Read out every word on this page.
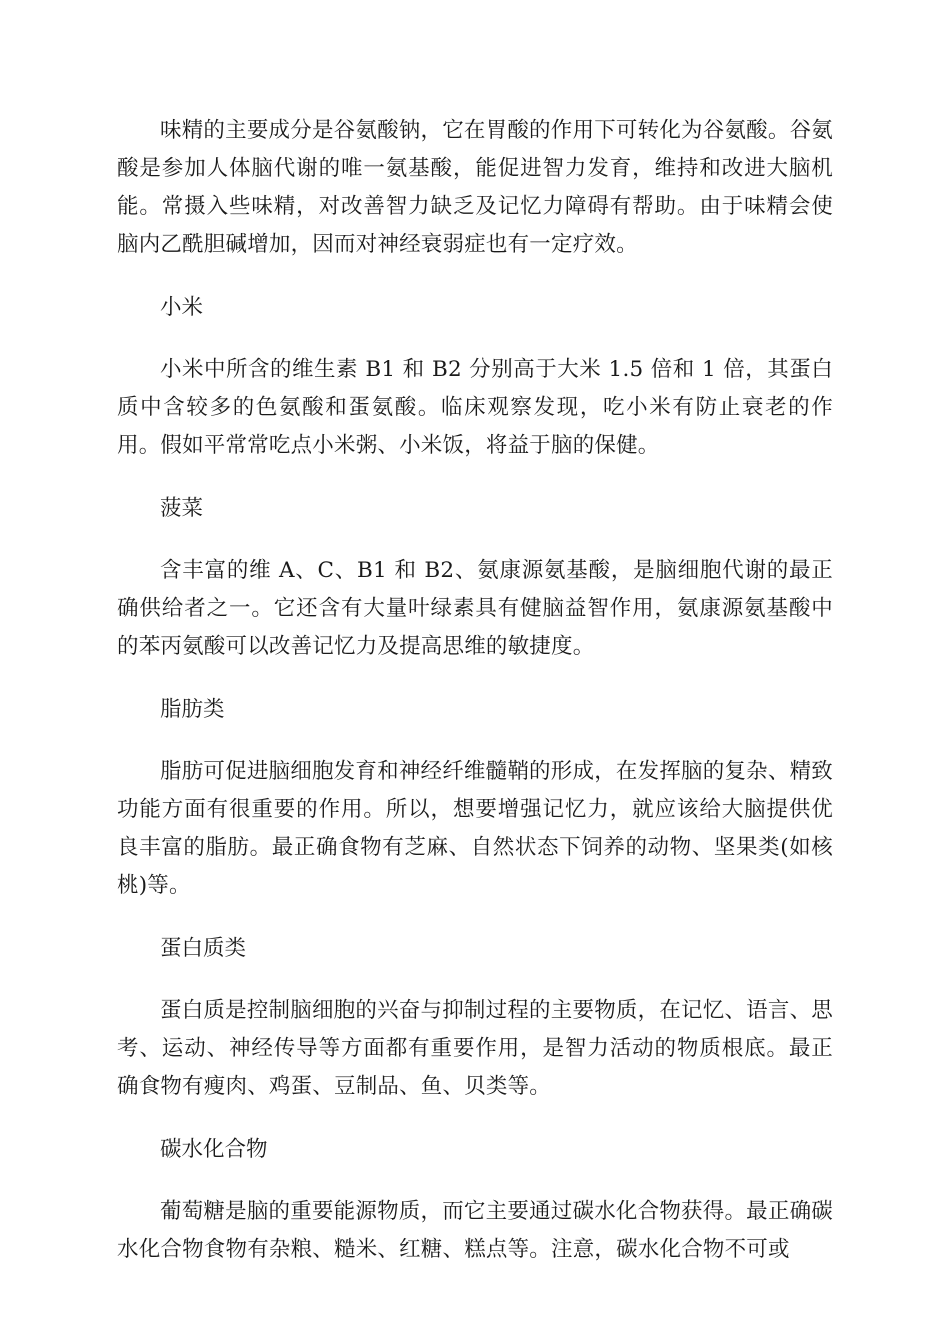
味精的主要成分是谷氨酸钠，它在胃酸的作用下可转化为谷氨酸。谷氨酸是参加人体脑代谢的唯一氨基酸，能促进智力发育，维持和改进大脑机能。常摄入些味精，对改善智力缺乏及记忆力障碍有帮助。由于味精会使脑内乙酰胆碱增加，因而对神经衰弱症也有一定疗效。

小米

小米中所含的维生素 B1 和 B2 分别高于大米 1.5 倍和 1 倍，其蛋白质中含较多的色氨酸和蛋氨酸。临床观察发现，吃小米有防止衰老的作用。假如平常常吃点小米粥、小米饭，将益于脑的保健。

菠菜

含丰富的维 A、C、B1 和 B2、氨康源氨基酸，是脑细胞代谢的最正确供给者之一。它还含有大量叶绿素具有健脑益智作用，氨康源氨基酸中的苯丙氨酸可以改善记忆力及提高思维的敏捷度。

脂肪类

脂肪可促进脑细胞发育和神经纤维髓鞘的形成，在发挥脑的复杂、精致功能方面有很重要的作用。所以，想要增强记忆力，就应该给大脑提供优良丰富的脂肪。最正确食物有芝麻、自然状态下饲养的动物、坚果类(如核桃)等。

蛋白质类

蛋白质是控制脑细胞的兴奋与抑制过程的主要物质，在记忆、语言、思考、运动、神经传导等方面都有重要作用，是智力活动的物质根底。最正确食物有瘦肉、鸡蛋、豆制品、鱼、贝类等。

碳水化合物

葡萄糖是脑的重要能源物质，而它主要通过碳水化合物获得。最正确碳水化合物食物有杂粮、糙米、红糖、糕点等。注意，碳水化合物不可或
